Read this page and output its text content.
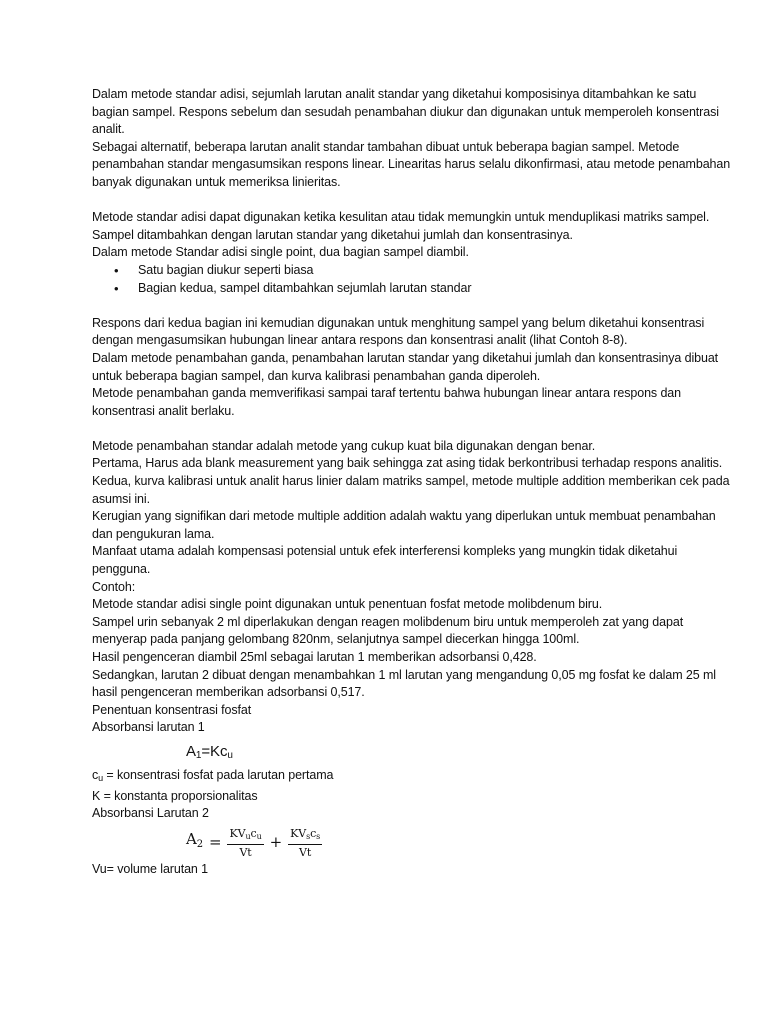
Dalam metode standar adisi, sejumlah larutan analit standar yang diketahui komposisinya ditambahkan ke satu bagian sampel. Respons sebelum dan sesudah penambahan diukur dan digunakan untuk memperoleh konsentrasi analit.

Sebagai alternatif, beberapa larutan analit standar tambahan dibuat untuk beberapa bagian sampel. Metode penambahan standar mengasumsikan respons linear. Linearitas harus selalu dikonfirmasi, atau metode penambahan banyak digunakan untuk memeriksa linieritas.

Metode standar adisi dapat digunakan ketika kesulitan atau tidak memungkin untuk menduplikasi matriks sampel.

Sampel ditambahkan dengan larutan standar yang diketahui jumlah dan konsentrasinya.

Dalam metode Standar adisi single point, dua bagian sampel diambil.

• Satu bagian diukur seperti biasa
• Bagian kedua, sampel ditambahkan sejumlah larutan standar

Respons dari kedua bagian ini kemudian digunakan untuk menghitung sampel yang belum diketahui konsentrasi dengan mengasumsikan hubungan linear antara respons dan konsentrasi analit (lihat Contoh 8-8).

Dalam metode penambahan ganda, penambahan larutan standar yang diketahui jumlah dan konsentrasinya dibuat untuk beberapa bagian sampel, dan kurva kalibrasi penambahan ganda diperoleh.

Metode penambahan ganda memverifikasi sampai taraf tertentu bahwa hubungan linear antara respons dan konsentrasi analit berlaku.

Metode penambahan standar adalah metode yang cukup kuat bila digunakan dengan benar.

Pertama, Harus ada blank measurement yang baik sehingga zat asing tidak berkontribusi terhadap respons analitis.

Kedua, kurva kalibrasi untuk analit harus linier dalam matriks sampel, metode multiple addition memberikan cek pada asumsi ini.

Kerugian yang signifikan dari metode multiple addition adalah waktu yang diperlukan untuk membuat penambahan dan pengukuran lama.

Manfaat utama adalah kompensasi potensial untuk efek interferensi kompleks yang mungkin tidak diketahui pengguna.

Contoh:

Metode standar adisi single point digunakan untuk penentuan fosfat metode molibdenum biru.

Sampel urin sebanyak 2 ml diperlakukan dengan reagen molibdenum biru untuk memperoleh zat yang dapat menyerap pada panjang gelombang 820nm, selanjutnya sampel diecerkan hingga 100ml.

Hasil pengenceran diambil 25ml sebagai larutan 1 memberikan adsorbansi 0,428.

Sedangkan, larutan 2 dibuat dengan menambahkan 1 ml larutan yang mengandung 0,05 mg fosfat ke dalam 25 ml hasil pengenceran memberikan adsorbansi 0,517.

Penentuan konsentrasi fosfat

Absorbansi larutan 1

$A_1=Kc_u$

$c_u$ = konsentrasi fosfat pada larutan pertama

K = konstanta proporsionalitas

Absorbansi Larutan 2

$A_2 = \frac{KV_uc_u}{Vt} + \frac{KV_sc_s}{Vt}$

Vu= volume larutan 1
